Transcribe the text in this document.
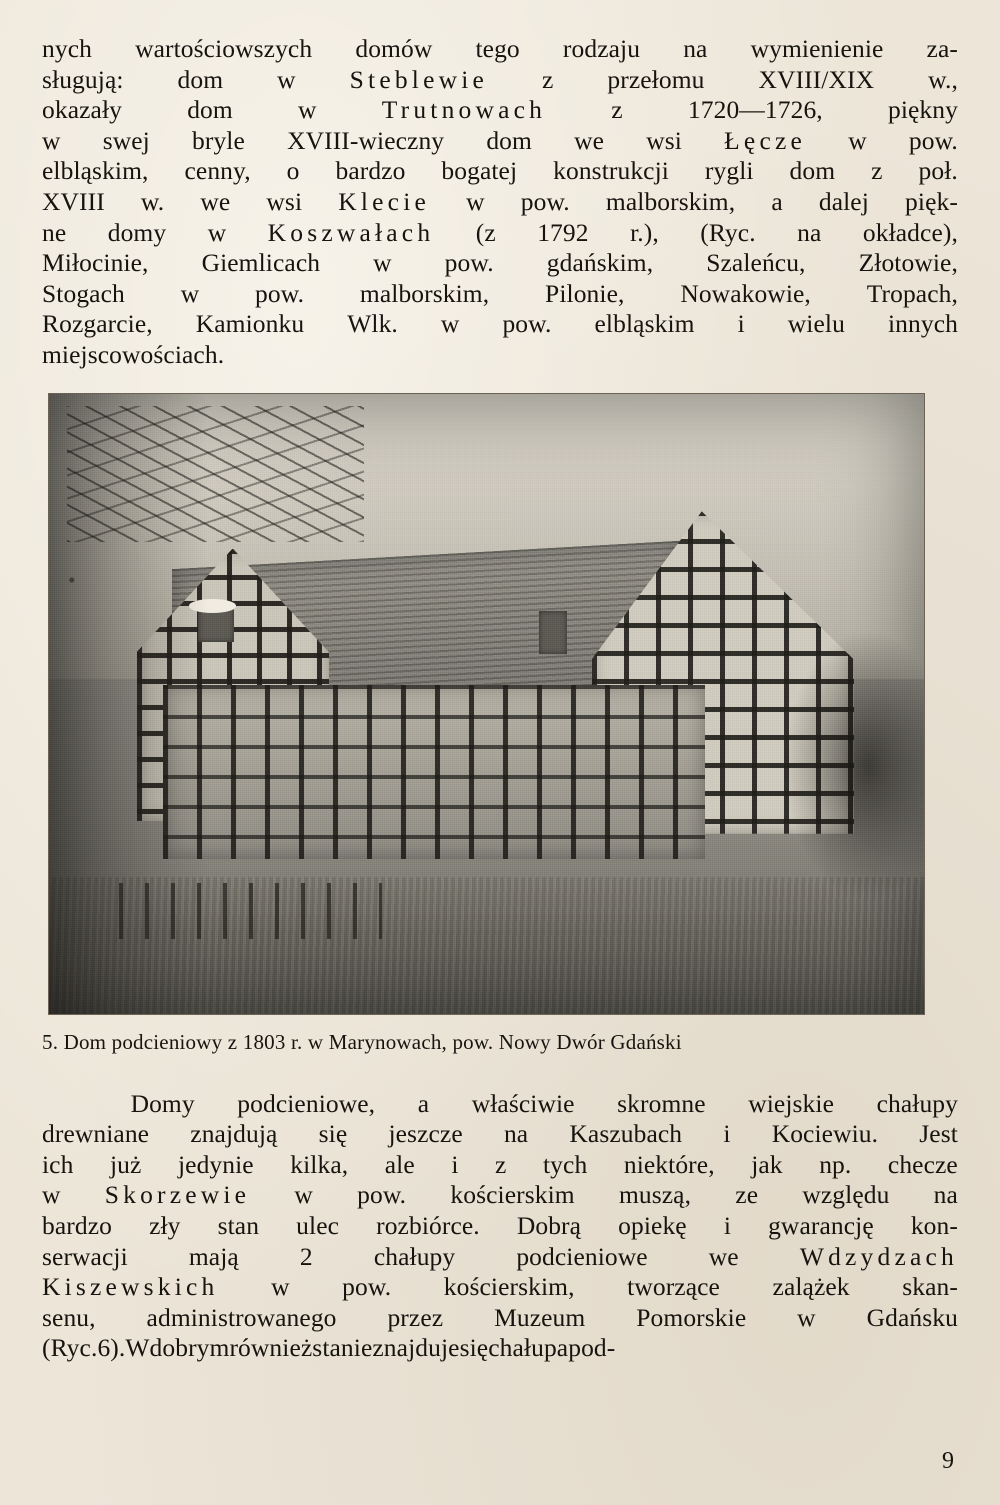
nych wartościowszych domów tego rodzaju na wymienienie za-
sługują: dom w Steblewie z przełomu XVIII/XIX w.,
okazały	dom	w	Trutnowach	z	1720—1726,	piękny
w swej bryle XVIII-wieczny dom we wsi Łęcze w pow.
elbląskim, cenny, o bardzo bogatej konstrukcji rygli dom z poł.
XVIII w. we wsi Klecie w pow. malborskim, a dalej pięk-
ne domy w Koszwałach (z 1792 r.), (Ryc. na okładce),
Miłocinie, Giemlicach w pow. gdańskim, Szaleńcu, Złotowie,
Stogach w pow. malborskim, Pilonie, Nowakowie, Tropach,
Rozgarcie, Kamionku Wlk. w pow. elbląskim i wielu innych
miejscowościach.
5. Dom podcieniowy z 1803 r. w Marynowach, pow. Nowy Dwór Gdański

Domy podcieniowe, a właściwie skromne wiejskie chałupy
drewniane znajdują się jeszcze na Kaszubach i Kociewiu. Jest
ich już jedynie kilka, ale i z tych niektóre, jak np. checze
w Skorzewie w pow. kościerskim muszą, ze względu na
bardzo zły stan ulec rozbiórce. Dobrą opiekę i gwarancję kon-
serwacji mają 2 chałupy podcieniowe we Wdzydzach
Kiszewskich w pow. kościerskim, tworzące zalążek skan-
senu, administrowanego przez Muzeum Pomorskie w Gdańsku
(Ryc. 6). W dobrym również stanie znajduje się chałupa pod-
9
